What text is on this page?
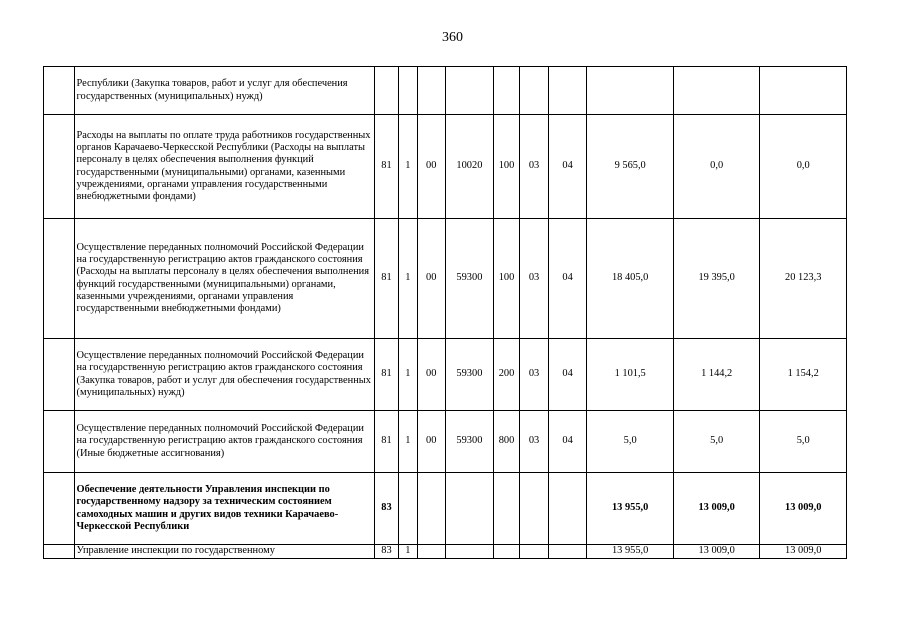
360
	Республики (Закупка товаров, работ и услуг для обеспечения государственных (муниципальных) нужд)										
	Расходы на выплаты по оплате труда работников государственных органов Карачаево-Черкесской Республики (Расходы на выплаты персоналу в целях обеспечения выполнения функций государственными (муниципальными) органами, казенными учреждениями, органами управления государственными внебюджетными фондами)	81	1	00	10020	100	03	04	9 565,0	0,0	0,0
	Осуществление переданных полномочий Российской Федерации на государственную регистрацию актов гражданского состояния (Расходы на выплаты персоналу в целях обеспечения выполнения функций государственными (муниципальными) органами, казенными учреждениями, органами управления государственными внебюджетными фондами)	81	1	00	59300	100	03	04	18 405,0	19 395,0	20 123,3
	Осуществление переданных полномочий Российской Федерации на государственную регистрацию актов гражданского состояния (Закупка товаров, работ и услуг для обеспечения государственных (муниципальных) нужд)	81	1	00	59300	200	03	04	1 101,5	1 144,2	1 154,2
	Осуществление переданных полномочий Российской Федерации на государственную регистрацию актов гражданского состояния (Иные бюджетные ассигнования)	81	1	00	59300	800	03	04	5,0	5,0	5,0
	Обеспечение деятельности Управления инспекции по государственному надзору за техническим состоянием самоходных машин и других видов техники Карачаево-Черкесской Республики	83							13 955,0	13 009,0	13 009,0
	Управление инспекции по государственному	83	1						13 955,0	13 009,0	13 009,0
